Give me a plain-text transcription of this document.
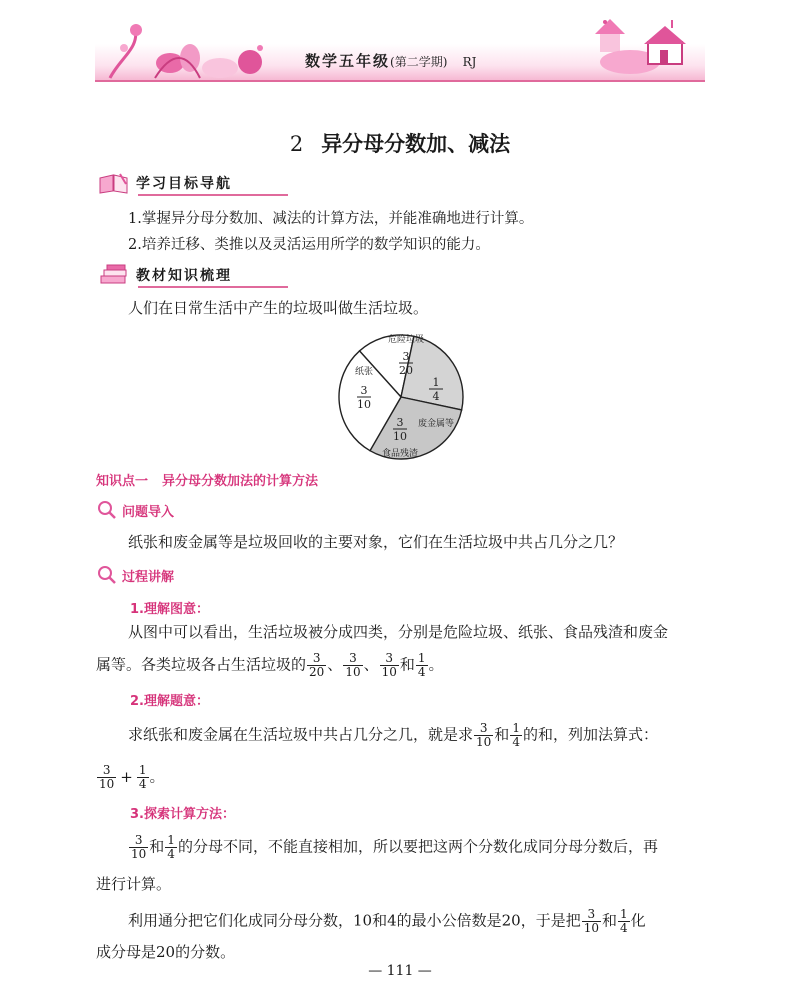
数学五年级(第二学期) RJ
2 异分母分数加、减法
学习目标导航
1.掌握异分母分数加、减法的计算方法，并能准确地进行计算。
2.培养迁移、类推以及灵活运用所学的数学知识的能力。
教材知识梳理
人们在日常生活中产生的垃圾叫做生活垃圾。
危险垃圾
3
20
废金属等
1
4
食品残渣
3
10
纸张
3
10
知识点一 异分母分数加法的计算方法
问题导入
纸张和废金属等是垃圾回收的主要对象，它们在生活垃圾中共占几分之几？
过程讲解
1.理解图意：
从图中可以看出，生活垃圾被分成四类，分别是危险垃圾、纸张、食品残渣和废金
属等。各类垃圾各占生活垃圾的 $\frac{3}{20}$ 、 $\frac{3}{10}$ 、 $\frac{3}{10}$ 和 $\frac{1}{4}$ 。
2.理解题意：
求纸张和废金属在生活垃圾中共占几分之几，就是求 $\frac{3}{10}$ 和 $\frac{1}{4}$ 的和，列加法算式：
$\frac{3}{10} + \frac{1}{4}$ 。
3.探索计算方法：
$\frac{3}{10}$ 和 $\frac{1}{4}$ 的分母不同，不能直接相加，所以要把这两个分数化成同分母分数后，再
进行计算。
利用通分把它们化成同分母分数，10和4的最小公倍数是20，于是把 $\frac{3}{10}$ 和 $\frac{1}{4}$ 化
成分母是20的分数。
— 111 —
